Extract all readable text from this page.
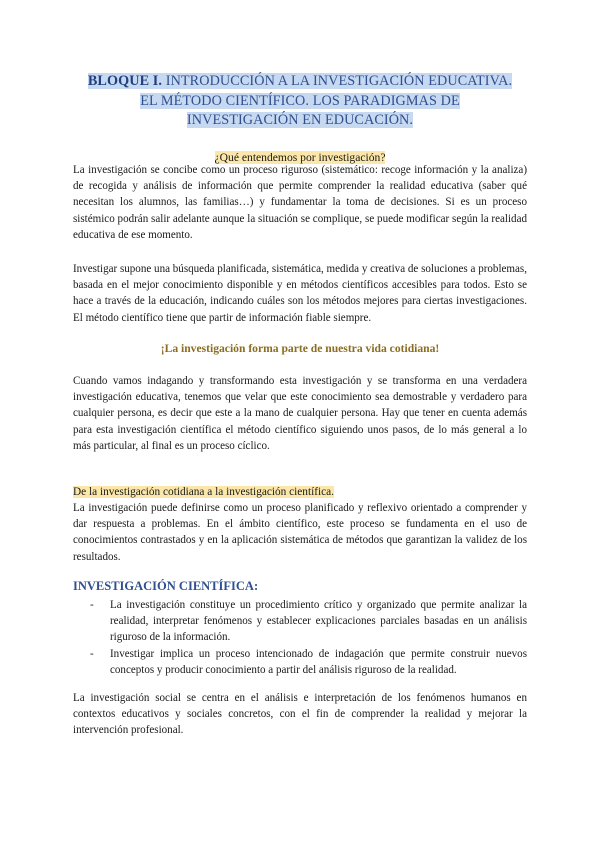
BLOQUE I. INTRODUCCIÓN A LA INVESTIGACIÓN EDUCATIVA.
EL MÉTODO CIENTÍFICO. LOS PARADIGMAS DE
INVESTIGACIÓN EN EDUCACIÓN.
¿Qué entendemos por investigación?

La investigación se concibe como un proceso riguroso (sistemático: recoge información y la analiza) de recogida y análisis de información que permite comprender la realidad educativa (saber qué necesitan los alumnos, las familias…) y fundamentar la toma de decisiones. Si es un proceso sistémico podrán salir adelante aunque la situación se complique, se puede modificar según la realidad educativa de ese momento.

Investigar supone una búsqueda planificada, sistemática, medida y creativa de soluciones a problemas, basada en el mejor conocimiento disponible y en métodos científicos accesibles para todos. Esto se hace a través de la educación, indicando cuáles son los métodos mejores para ciertas investigaciones. El método científico tiene que partir de información fiable siempre.

¡La investigación forma parte de nuestra vida cotidiana!

Cuando vamos indagando y transformando esta investigación y se transforma en una verdadera investigación educativa, tenemos que velar que este conocimiento sea demostrable y verdadero para cualquier persona, es decir que este a la mano de cualquier persona. Hay que tener en cuenta además para esta investigación científica el método científico siguiendo unos pasos, de lo más general a lo más particular, al final es un proceso cíclico.

De la investigación cotidiana a la investigación científica.

La investigación puede definirse como un proceso planificado y reflexivo orientado a comprender y dar respuesta a problemas. En el ámbito científico, este proceso se fundamenta en el uso de conocimientos contrastados y en la aplicación sistemática de métodos que garantizan la validez de los resultados.

INVESTIGACIÓN CIENTÍFICA:
- La investigación constituye un procedimiento crítico y organizado que permite analizar la realidad, interpretar fenómenos y establecer explicaciones parciales basadas en un análisis riguroso de la información.
- Investigar implica un proceso intencionado de indagación que permite construir nuevos conceptos y producir conocimiento a partir del análisis riguroso de la realidad.

La investigación social se centra en el análisis e interpretación de los fenómenos humanos en contextos educativos y sociales concretos, con el fin de comprender la realidad y mejorar la intervención profesional.
